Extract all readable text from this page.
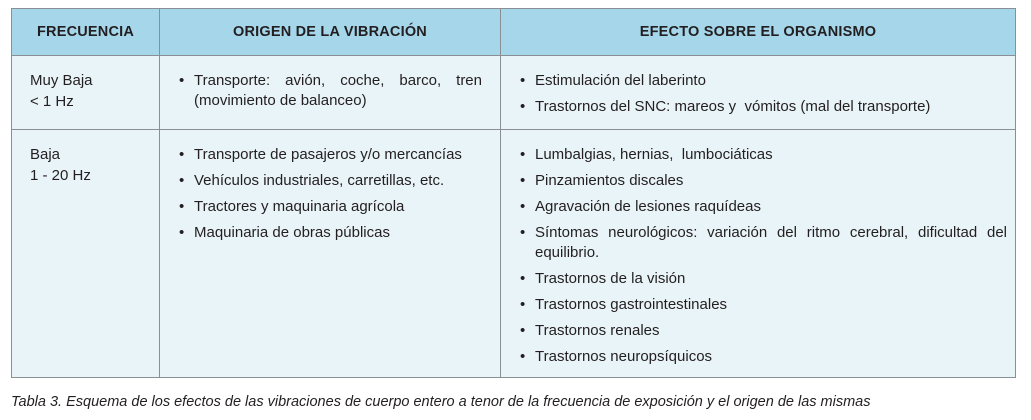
FRECUENCIA	ORIGEN DE LA VIBRACIÓN	EFECTO SOBRE EL ORGANISMO
Muy Baja
< 1 Hz
• Transporte: avión, coche, barco, tren (movimiento de balanceo)
• Estimulación del laberinto
• Trastornos del SNC: mareos y  vómitos (mal del transporte)
Baja
1 - 20 Hz
• Transporte de pasajeros y/o mercancías
• Vehículos industriales, carretillas, etc.
• Tractores y maquinaria agrícola
• Maquinaria de obras públicas
• Lumbalgias, hernias,  lumbociáticas
• Pinzamientos discales
• Agravación de lesiones raquídeas
• Síntomas neurológicos: variación del ritmo cerebral, dificultad del equilibrio.
• Trastornos de la visión
• Trastornos gastrointestinales
• Trastornos renales
• Trastornos neuropsíquicos
Tabla 3. Esquema de los efectos de las vibraciones de cuerpo entero a tenor de la frecuencia de exposición y el origen de las mismas
